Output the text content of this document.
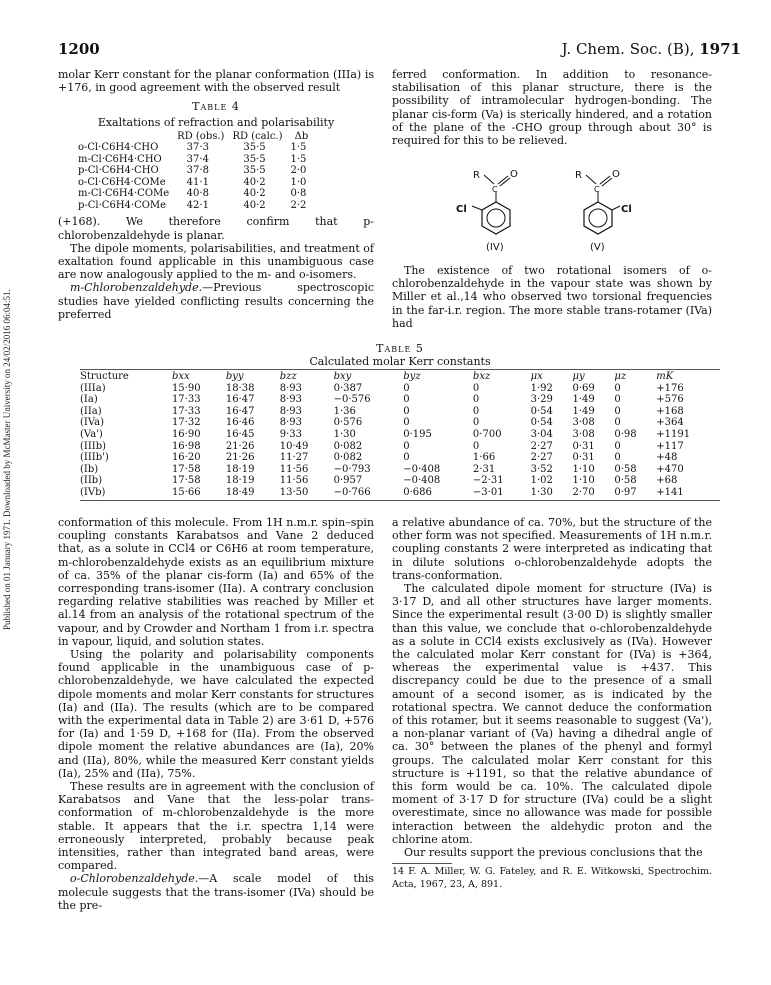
Published on 01 January 1971. Downloaded by McMaster University on 24/02/2016 06:04:51.
1200	J. Chem. Soc. (B), 1971

molar Kerr constant for the planar conformation (IIIa) is +176, in good agreement with the observed result

Table 4
Exaltations of refraction and polarisability
	RD (obs.)	RD (calc.)	Δb
o-Cl·C6H4·CHO	37·3	35·5	1·5
m-Cl·C6H4·CHO	37·4	35·5	1·5
p-Cl·C6H4·CHO	37·8	35·5	2·0
o-Cl·C6H4·COMe	41·1	40·2	1·0
m-Cl·C6H4·COMe	40·8	40·2	0·8
p-Cl·C6H4·COMe	42·1	40·2	2·2

(+168). We therefore confirm that p-chlorobenzaldehyde is planar.

The dipole moments, polarisabilities, and treatment of exaltation found applicable in this unambiguous case are now analogously applied to the m- and o-isomers.

m-Chlorobenzaldehyde.—Previous spectroscopic studies have yielded conflicting results concerning the preferred

ferred conformation. In addition to resonance-stabilisation of this planar structure, there is the possibility of intramolecular hydrogen-bonding. The planar cis-form (Va) is sterically hindered, and a rotation of the plane of the -CHO group through about 30° is required for this to be relieved.

R
C
O
Cl
(IV)
R
C
O
Cl
(V)

The existence of two rotational isomers of o-chlorobenzaldehyde in the vapour state was shown by Miller et al.,14 who observed two torsional frequencies in the far-i.r. region. The more stable trans-rotamer (IVa) had

Table 5
Calculated molar Kerr constants
Structure	bxx	byy	bzz	bxy	byz	bxz	μx	μy	μz	mK
(IIIa)	15·90	18·38	8·93	0·387	0	0	1·92	0·69	0	+176
(Ia)	17·33	16·47	8·93	−0·576	0	0	3·29	1·49	0	+576
(IIa)	17·33	16·47	8·93	1·36	0	0	0·54	1·49	0	+168
(IVa)	17·32	16·46	8·93	0·576	0	0	0·54	3·08	0	+364
(Va')	16·90	16·45	9·33	1·30	0·195	0·700	3·04	3·08	0·98	+1191
(IIIb)	16·98	21·26	10·49	0·082	0	0	2·27	0·31	0	+117
(IIIb')	16·20	21·26	11·27	0·082	0	1·66	2·27	0·31	0	+48
(Ib)	17·58	18·19	11·56	−0·793	−0·408	2·31	3·52	1·10	0·58	+470
(IIb)	17·58	18·19	11·56	0·957	−0·408	−2·31	1·02	1·10	0·58	+68
(IVb)	15·66	18·49	13·50	−0·766	0·686	−3·01	1·30	2·70	0·97	+141

conformation of this molecule. From 1H n.m.r. spin–spin coupling constants Karabatsos and Vane 2 deduced that, as a solute in CCl4 or C6H6 at room temperature, m-chlorobenzaldehyde exists as an equilibrium mixture of ca. 35% of the planar cis-form (Ia) and 65% of the corresponding trans-isomer (IIa). A contrary conclusion regarding relative stabilities was reached by Miller et al.14 from an analysis of the rotational spectrum of the vapour, and by Crowder and Northam 1 from i.r. spectra in vapour, liquid, and solution states.

Using the polarity and polarisability components found applicable in the unambiguous case of p-chlorobenzaldehyde, we have calculated the expected dipole moments and molar Kerr constants for structures (Ia) and (IIa). The results (which are to be compared with the experimental data in Table 2) are 3·61 D, +576 for (Ia) and 1·59 D, +168 for (IIa). From the observed dipole moment the relative abundances are (Ia), 20% and (IIa), 80%, while the measured Kerr constant yields (Ia), 25% and (IIa), 75%.

These results are in agreement with the conclusion of Karabatsos and Vane that the less-polar trans-conformation of m-chlorobenzaldehyde is the more stable. It appears that the i.r. spectra 1,14 were erroneously interpreted, probably because peak intensities, rather than integrated band areas, were compared.

o-Chlorobenzaldehyde.—A scale model of this molecule suggests that the trans-isomer (IVa) should be the pre-

a relative abundance of ca. 70%, but the structure of the other form was not specified. Measurements of 1H n.m.r. coupling constants 2 were interpreted as indicating that in dilute solutions o-chlorobenzaldehyde adopts the trans-conformation.

The calculated dipole moment for structure (IVa) is 3·17 D, and all other structures have larger moments. Since the experimental result (3·00 D) is slightly smaller than this value, we conclude that o-chlorobenzaldehyde as a solute in CCl4 exists exclusively as (IVa). However the calculated molar Kerr constant for (IVa) is +364, whereas the experimental value is +437. This discrepancy could be due to the presence of a small amount of a second isomer, as is indicated by the rotational spectra. We cannot deduce the conformation of this rotamer, but it seems reasonable to suggest (Va'), a non-planar variant of (Va) having a dihedral angle of ca. 30° between the planes of the phenyl and formyl groups. The calculated molar Kerr constant for this structure is +1191, so that the relative abundance of this form would be ca. 10%. The calculated dipole moment of 3·17 D for structure (IVa) could be a slight overestimate, since no allowance was made for possible interaction between the aldehydic proton and the chlorine atom.

Our results support the previous conclusions that the

14 F. A. Miller, W. G. Fateley, and R. E. Witkowski, Spectrochim. Acta, 1967, 23, A, 891.
